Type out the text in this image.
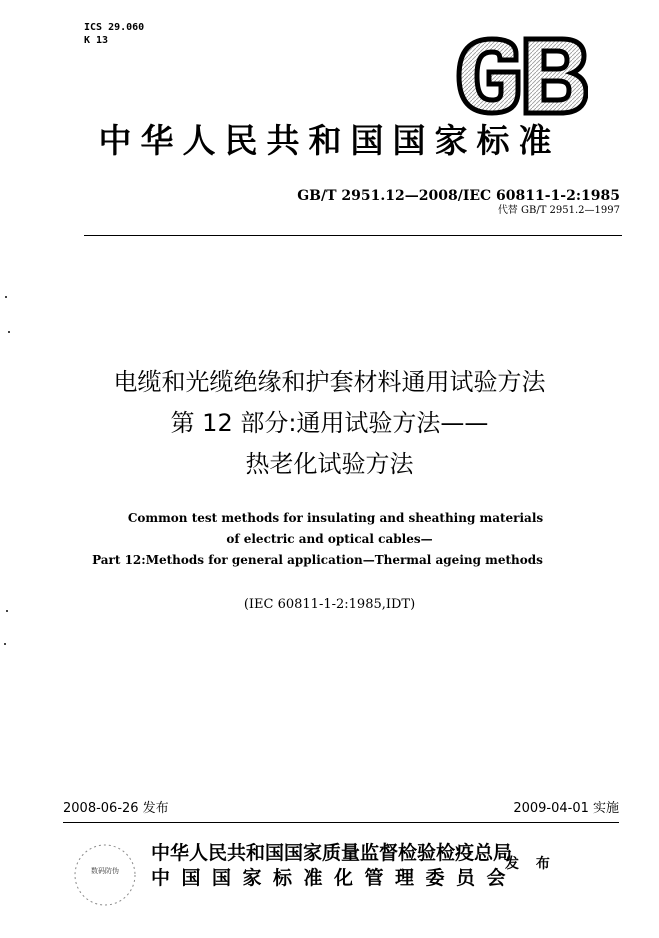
ICS 29.060
K 13
中华人民共和国国家标准
GB/T 2951.12—2008/IEC 60811-1-2:1985
代替 GB/T 2951.2—1997
电缆和光缆绝缘和护套材料通用试验方法
第 12 部分:通用试验方法——
热老化试验方法
Common test methods for insulating and sheathing materials
of electric and optical cables—
Part 12:Methods for general application—Thermal ageing methods
(IEC 60811-1-2:1985,IDT)
2008-06-26 发布	2009-04-01 实施
数码防伪
中华人民共和国国家质量监督检验检疫总局
中国国家标准化管理委员会
发 布
